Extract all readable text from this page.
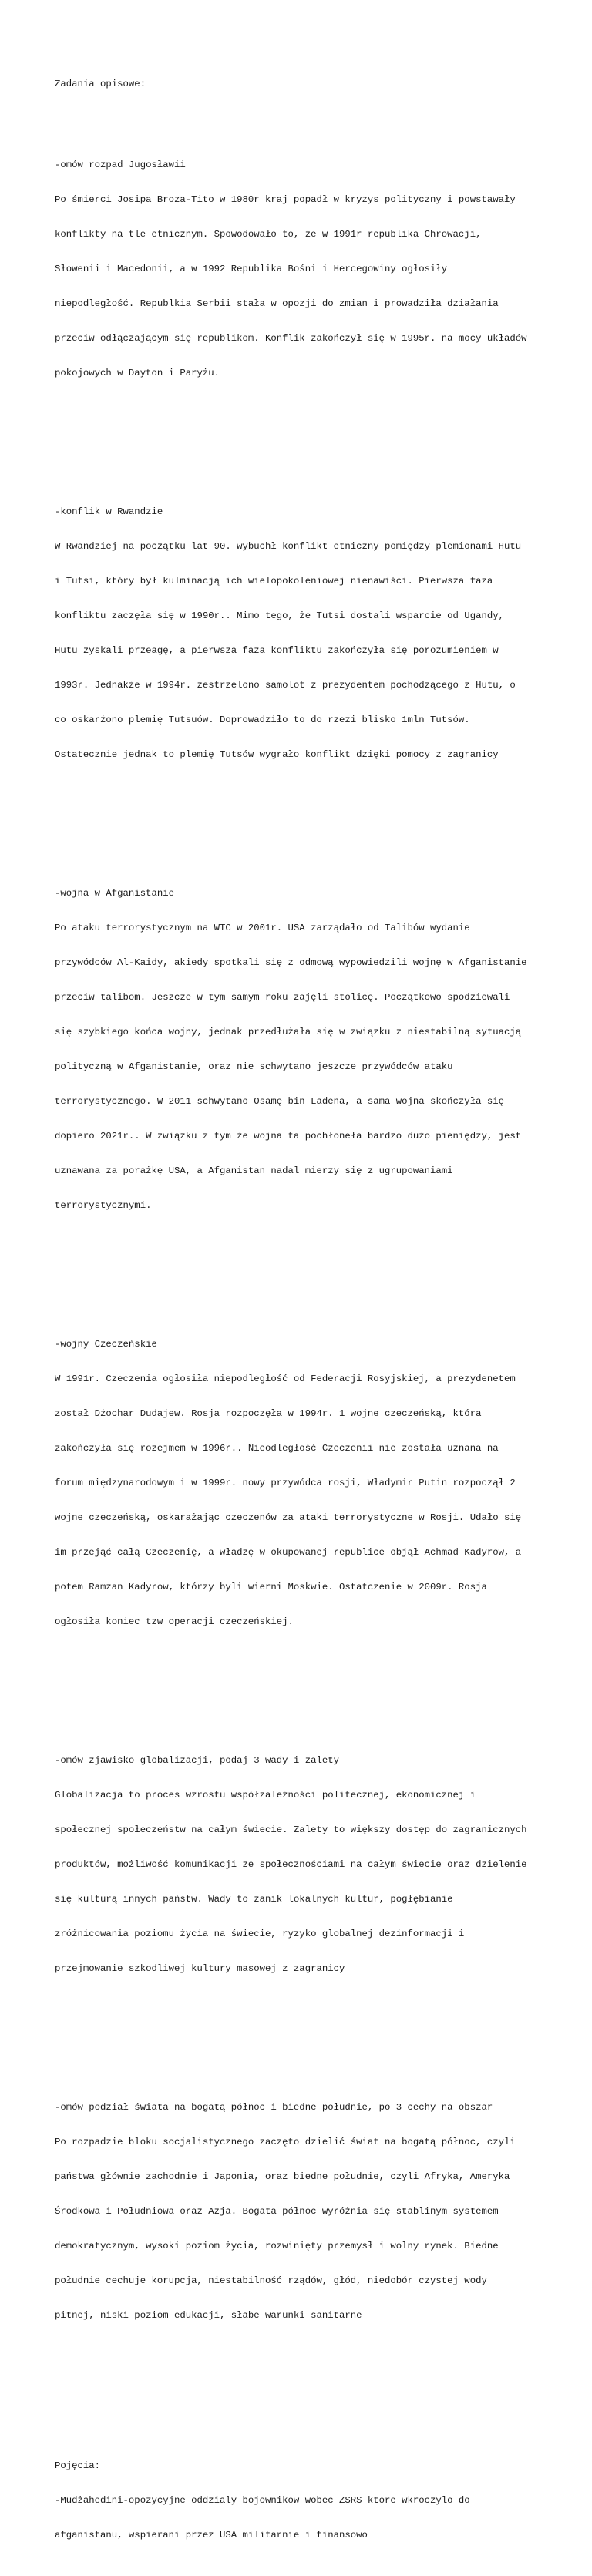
Zadania opisowe:

-omów rozpad Jugosławii

Po śmierci Josipa Broza-Tito w 1980r kraj popadł w kryzys polityczny i powstawały

konflikty na tle etnicznym. Spowodowało to, że w 1991r republika Chrowacji,

Słowenii i Macedonii, a w 1992 Republika Bośni i Hercegowiny ogłosiły

niepodległość. Republkia Serbii stała w opozji do zmian i prowadziła działania

przeciw odłączającym się republikom. Konflik zakończył się w 1995r. na mocy układów

pokojowych w Dayton i Paryżu.

-konflik w Rwandzie

W Rwandziej na początku lat 90. wybuchł konflikt etniczny pomiędzy plemionami Hutu

i Tutsi, który był kulminacją ich wielopokoleniowej nienawiści. Pierwsza faza

konfliktu zaczęła się w 1990r.. Mimo tego, że Tutsi dostali wsparcie od Ugandy,

Hutu zyskali przeagę, a pierwsza faza konfliktu zakończyła się porozumieniem w

1993r. Jednakże w 1994r. zestrzelono samolot z prezydentem pochodzącego z Hutu, o

co oskarżono plemię Tutsuów. Doprowadziło to do rzezi blisko 1mln Tutsów.

Ostatecznie jednak to plemię Tutsów wygrało konflikt dzięki pomocy z zagranicy

-wojna w Afganistanie

Po ataku terrorystycznym na WTC w 2001r. USA zarządało od Talibów wydanie

przywódców Al-Kaidy, akiedy spotkali się z odmową wypowiedzili wojnę w Afganistanie

przeciw talibom. Jeszcze w tym samym roku zajęli stolicę. Początkowo spodziewali

się szybkiego końca wojny, jednak przedłużała się w związku z niestabilną sytuacją

polityczną w Afganistanie, oraz nie schwytano jeszcze przywódców ataku

terrorystycznego. W 2011 schwytano Osamę bin Ladena, a sama wojna skończyła się

dopiero 2021r.. W związku z tym że wojna ta pochłoneła bardzo dużo pieniędzy, jest

uznawana za porażkę USA, a Afganistan nadal mierzy się z ugrupowaniami

terrorystycznymi.

-wojny Czeczeńskie

W 1991r. Czeczenia ogłosiła niepodległość od Federacji Rosyjskiej, a prezydenetem

został Dżochar Dudajew. Rosja rozpoczęła w 1994r. 1 wojne czeczeńską, która

zakończyła się rozejmem w 1996r.. Nieodległość Czeczenii nie została uznana na

forum międzynarodowym i w 1999r. nowy przywódca rosji, Władymir Putin rozpoczął 2

wojne czeczeńską, oskarażając czeczenów za ataki terrorystyczne w Rosji. Udało się

im przejąć całą Czeczenię, a władzę w okupowanej republice objął Achmad Kadyrow, a

potem Ramzan Kadyrow, którzy byli wierni Moskwie. Ostatczenie w 2009r. Rosja

ogłosiła koniec tzw operacji czeczeńskiej.

-omów zjawisko globalizacji, podaj 3 wady i zalety

Globalizacja to proces wzrostu współzależności politecznej, ekonomicznej i

społecznej społeczeństw na całym świecie. Zalety to większy dostęp do zagranicznych

produktów, możliwość komunikacji ze społecznościami na całym świecie oraz dzielenie

się kulturą innych państw. Wady to zanik lokalnych kultur, pogłębianie

zróżnicowania poziomu życia na świecie, ryzyko globalnej dezinformacji i

przejmowanie szkodliwej kultury masowej z zagranicy

-omów podział świata na bogatą północ i biedne południe, po 3 cechy na obszar

Po rozpadzie bloku socjalistycznego zaczęto dzielić świat na bogatą północ, czyli

państwa głównie zachodnie i Japonia, oraz biedne południe, czyli Afryka, Ameryka

Środkowa i Południowa oraz Azja. Bogata północ wyróżnia się stablinym systemem

demokratycznym, wysoki poziom życia, rozwinięty przemysł i wolny rynek. Biedne

południe cechuje korupcja, niestabilność rządów, głód, niedobór czystej wody

pitnej, niski poziom edukacji, słabe warunki sanitarne

Pojęcia:

-Mudżahedini-opozycyjne oddzialy bojownikow wobec ZSRS ktore wkroczylo do

afganistanu, wspierani przez USA militarnie i finansowo
